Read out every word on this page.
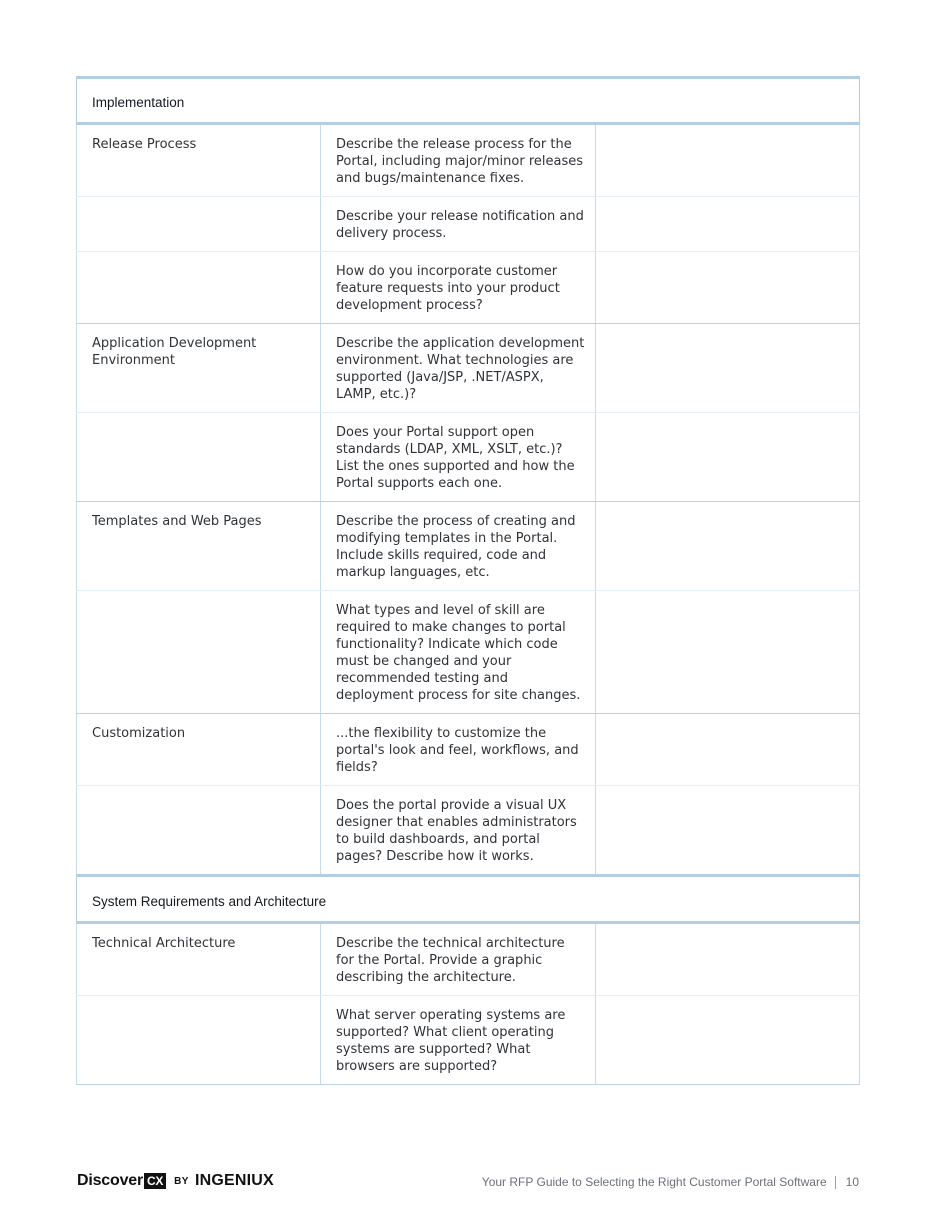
Implementation		
Release Process	Describe the release process for the Portal, including major/minor releases and bugs/maintenance fixes.	
	Describe your release notification and delivery process.	
	How do you incorporate customer feature requests into your product development process?	
Application Development Environment	Describe the application development environment. What technologies are supported (Java/JSP, .NET/ASPX, LAMP, etc.)?	
	Does your Portal support open standards (LDAP, XML, XSLT, etc.)? List the ones supported and how the Portal supports each one.	
Templates and Web Pages	Describe the process of creating and modifying templates in the Portal. Include skills required, code and markup languages, etc.	
	What types and level of skill are required to make changes to portal functionality? Indicate which code must be changed and your recommended testing and deployment process for site changes.	
Customization	...the flexibility to customize the portal's look and feel, workflows, and fields?	
	Does the portal provide a visual UX designer that enables administrators to build dashboards, and portal pages? Describe how it works.	
System Requirements and Architecture		
Technical Architecture	Describe the technical architecture for the Portal. Provide a graphic describing the architecture.	
	What server operating systems are supported? What client operating systems are supported? What browsers are supported?	
Discover CX	BY INGENIUX	Your RFP Guide to Selecting the Right Customer Portal Software 10
